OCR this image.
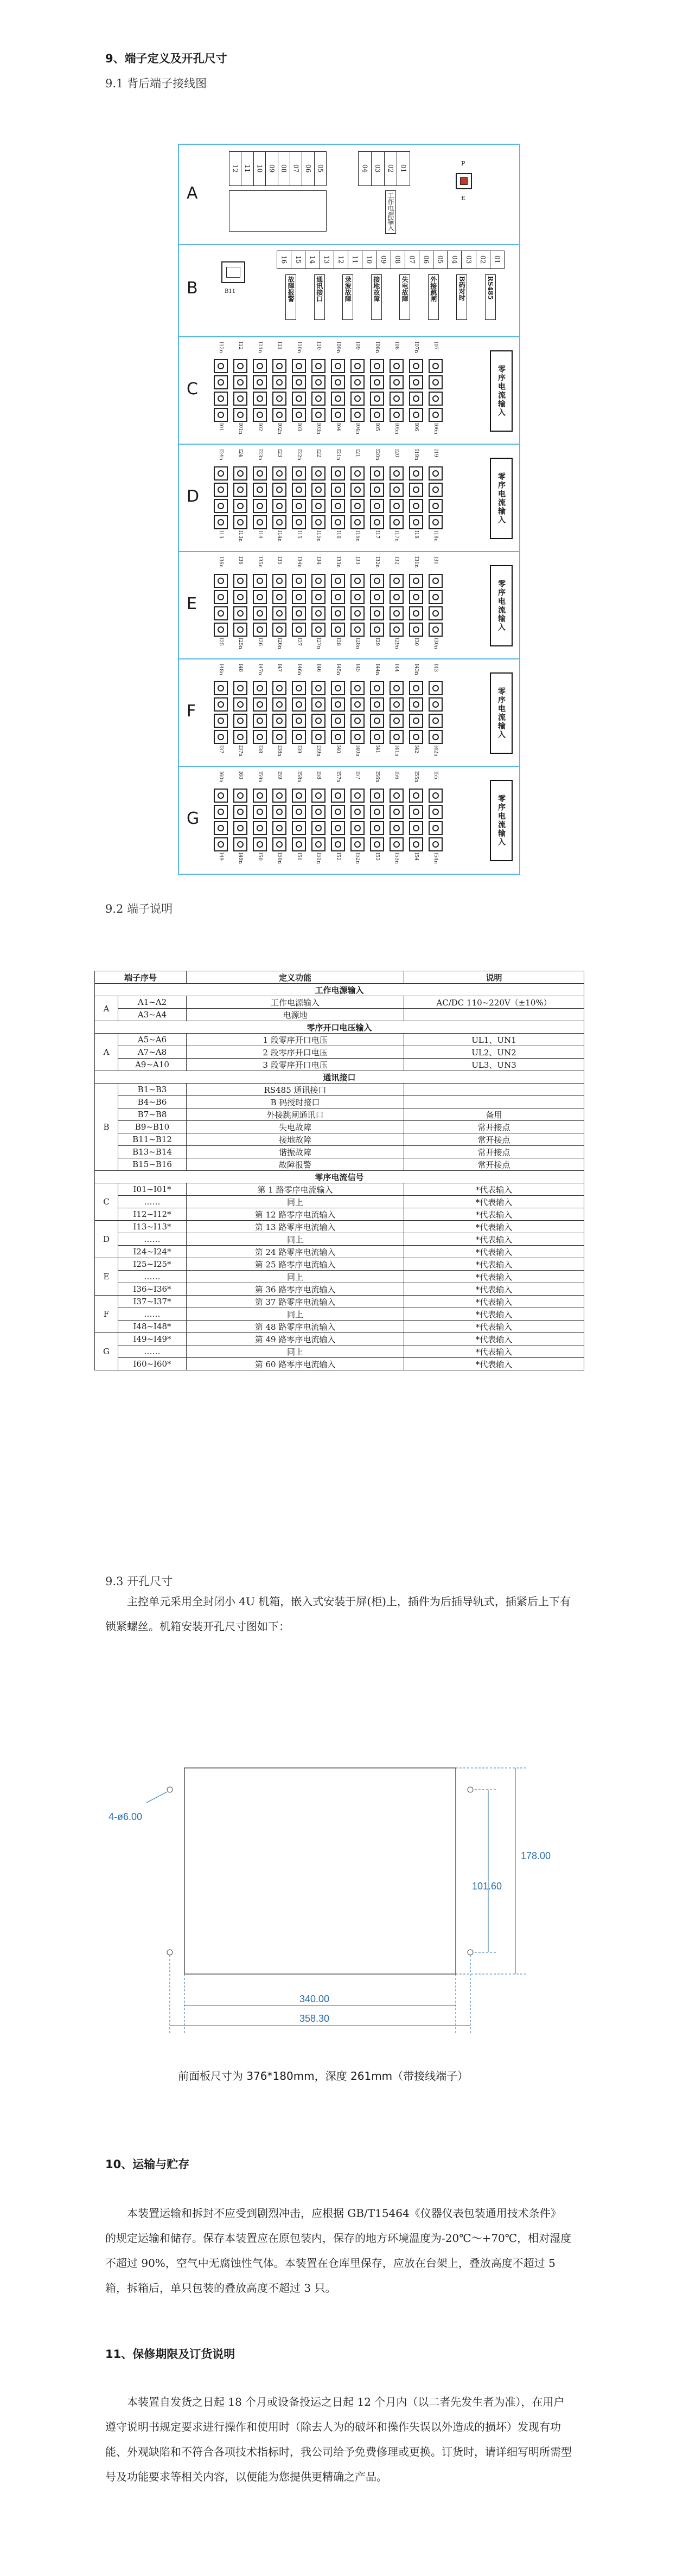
9、端子定义及开孔尺寸
9.1 背后端子接线图
A
12 11 10 09 08 07 06 05	04 03 02 01
工作电源输入
P
E
B	B11
16	15	14	13	12	11	10	09	08	07	06	05	04	03	02	01
故障报警	通讯接口	录波故障	接地故障	失电故障	外接跳闸	B码对时	RS485
C
I12n
I01
I12
I01n
I11n
I02
I11
I02n
I10n
I03
I10
I03n
I09n
I04
I09
I04n
I08n
I05
I08
I05n
I07n
I06
I07
I06n
零序电流输入
D
I24n
I13
I24
I13n
I23n
I14
I23
I14n
I22n
I15
I22
I15n
I21n
I16
I21
I16n
I20n
I17
I20
I17n
I19n
I18
I19
I18n
零序电流输入
E
I36n
I25
I36
I25n
I35n
I26
I35
I26n
I34n
I27
I34
I27n
I33n
I28
I33
I28n
I32n
I29
I32
I29n
I31n
I30
I31
I30n
零序电流输入
F
I48n
I37
I48
I37n
I47n
I38
I47
I38n
I46n
I39
I46
I39n
I45n
I40
I45
I40n
I44n
I41
I44
I41n
I43n
I42
I43
I42n
零序电流输入
G
I60n
I49
I60
I49n
I59n
I50
I59
I50n
I58n
I51
I58
I51n
I57n
I52
I57
I52n
I56n
I53
I56
I53n
I55n
I54
I55
I54n
零序电流输入
9.2 端子说明
端子序号		定义功能	说明
工作电源输入			
A	A1~A2	工作电源输入	AC/DC 110~220V（±10%）
	A3~A4	电源地	
零序开口电压输入			
A	A5~A6	1 段零序开口电压	UL1、UN1
	A7~A8	2 段零序开口电压	UL2、UN2
	A9~A10	3 段零序开口电压	UL3、UN3
通讯接口			
B	B1~B3	RS485 通讯接口	
	B4~B6	B 码授时接口	
	B7~B8	外接跳闸通讯口	备用
	B9~B10	失电故障	常开接点
	B11~B12	接地故障	常开接点
	B13~B14	谐振故障	常开接点
	B15~B16	故障报警	常开接点
零序电流信号			
C	I01~I01*	第 1 路零序电流输入	*代表输入
	……	同上	*代表输入
	I12~I12*	第 12 路零序电流输入	*代表输入
D	I13~I13*	第 13 路零序电流输入	*代表输入
	……	同上	*代表输入
	I24~I24*	第 24 路零序电流输入	*代表输入
E	I25~I25*	第 25 路零序电流输入	*代表输入
	……	同上	*代表输入
	I36~I36*	第 36 路零序电流输入	*代表输入
F	I37~I37*	第 37 路零序电流输入	*代表输入
	……	同上	*代表输入
	I48~I48*	第 48 路零序电流输入	*代表输入
G	I49~I49*	第 49 路零序电流输入	*代表输入
	……	同上	*代表输入
	I60~I60*	第 60 路零序电流输入	*代表输入
9.3 开孔尺寸
主控单元采用全封闭小 4U 机箱，嵌入式安装于屏(柜)上，插件为后插导轨式，插紧后上下有锁紧螺丝。机箱安装开孔尺寸图如下：
4-ø6.00
340.00
358.30
101.60
178.00
前面板尺寸为 376*180mm，深度 261mm（带接线端子）
10、运输与贮存
本装置运输和拆封不应受到剧烈冲击，应根据 GB/T15464《仪器仪表包装通用技术条件》的规定运输和储存。保存本装置应在原包装内，保存的地方环境温度为-20℃～+70℃，相对湿度不超过 90%，空气中无腐蚀性气体。本装置在仓库里保存，应放在台架上，叠放高度不超过 5 箱，拆箱后，单只包装的叠放高度不超过 3 只。
11、保修期限及订货说明
本装置自发货之日起 18 个月或设备投运之日起 12 个月内（以二者先发生者为准），在用户遵守说明书规定要求进行操作和使用时（除去人为的破坏和操作失误以外造成的损坏）发现有功能、外观缺陷和不符合各项技术指标时，我公司给予免费修理或更换。订货时，请详细写明所需型号及功能要求等相关内容，以便能为您提供更精确之产品。
